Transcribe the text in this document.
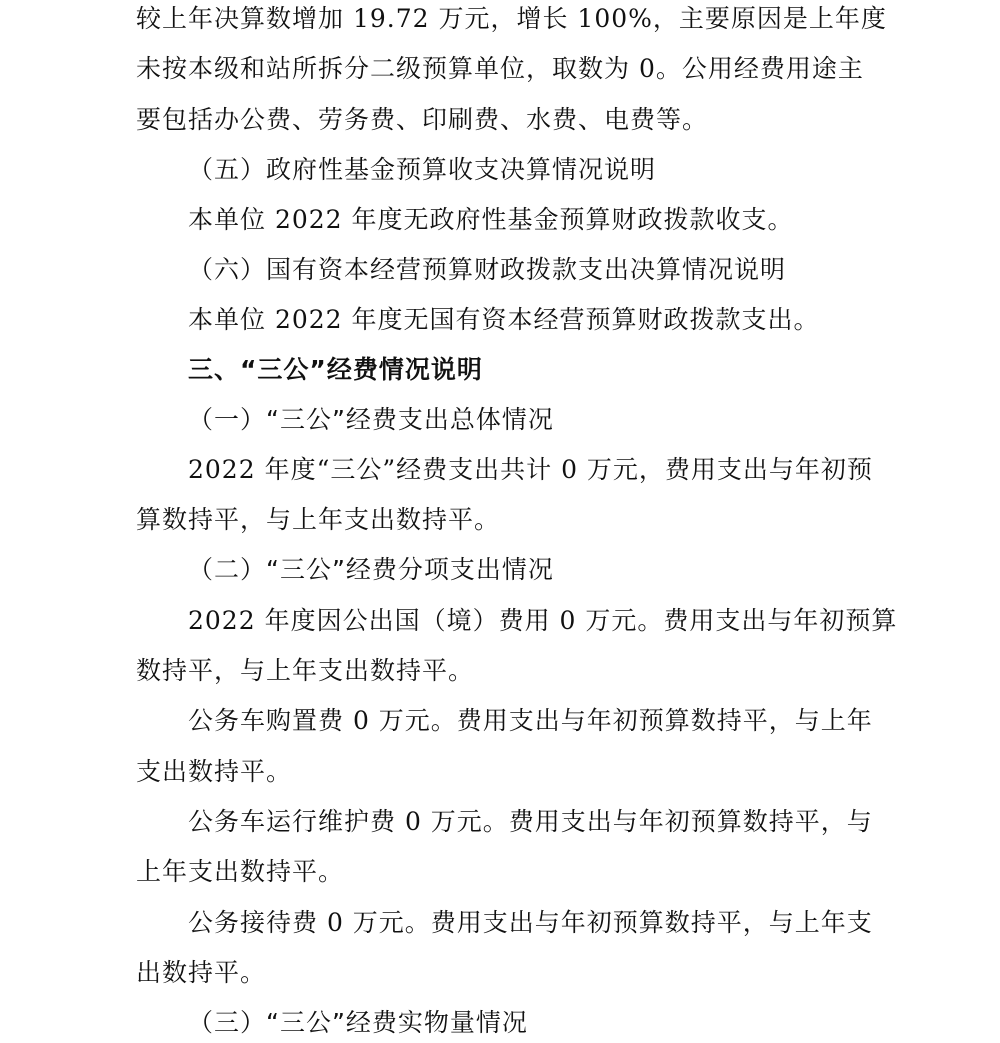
较上年决算数增加 19.72 万元，增长 100%，主要原因是上年度

未按本级和站所拆分二级预算单位，取数为 0。公用经费用途主

要包括办公费、劳务费、印刷费、水费、电费等。

（五）政府性基金预算收支决算情况说明

本单位 2022 年度无政府性基金预算财政拨款收支。

（六）国有资本经营预算财政拨款支出决算情况说明

本单位 2022 年度无国有资本经营预算财政拨款支出。

三、“三公”经费情况说明

（一）“三公”经费支出总体情况

2022 年度“三公”经费支出共计 0 万元，费用支出与年初预

算数持平，与上年支出数持平。

（二）“三公”经费分项支出情况

2022 年度因公出国（境）费用 0 万元。费用支出与年初预算

数持平，与上年支出数持平。

公务车购置费 0 万元。费用支出与年初预算数持平，与上年

支出数持平。

公务车运行维护费 0 万元。费用支出与年初预算数持平，与

上年支出数持平。

公务接待费 0 万元。费用支出与年初预算数持平，与上年支

出数持平。

（三）“三公”经费实物量情况
